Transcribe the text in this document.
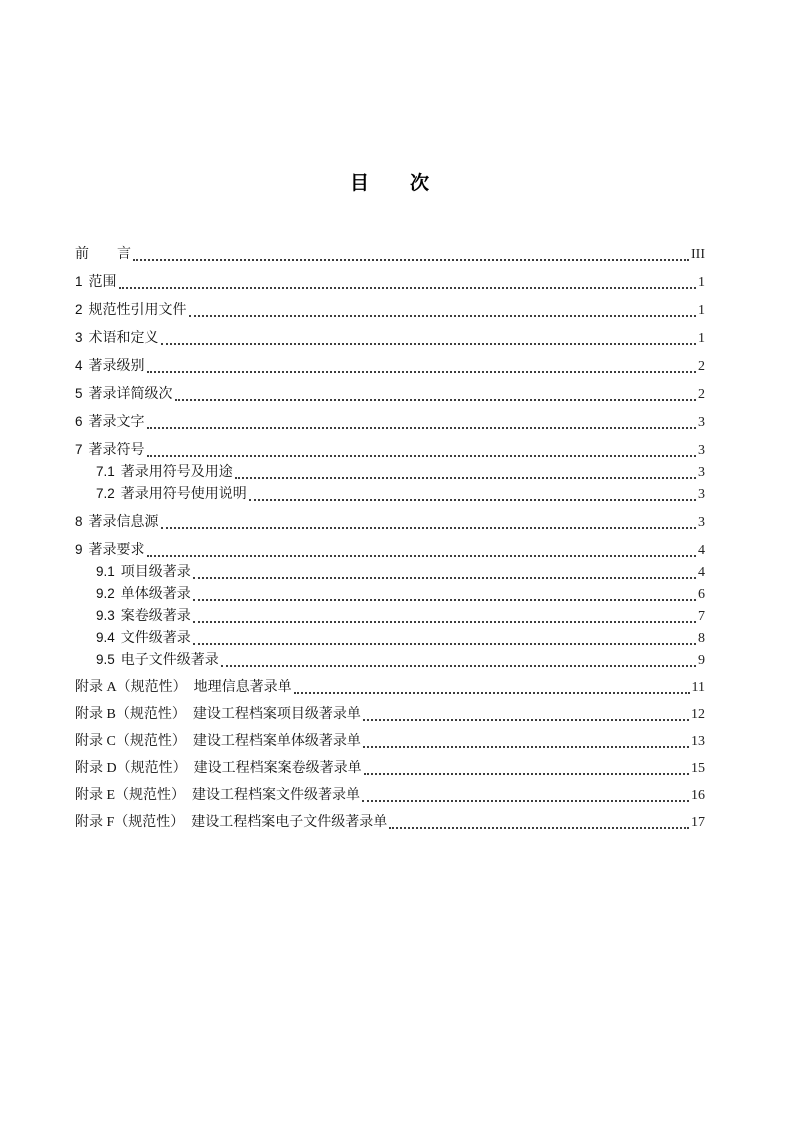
目　　次
前　　言	III
1 范围	1
2 规范性引用文件	1
3 术语和定义	1
4 著录级别	2
5 著录详简级次	2
6 著录文字	3
7 著录符号	3
7.1 著录用符号及用途	3
7.2 著录用符号使用说明	3
8 著录信息源	3
9 著录要求	4
9.1 项目级著录	4
9.2 单体级著录	6
9.3 案卷级著录	7
9.4 文件级著录	8
9.5 电子文件级著录	9
附录 A（规范性）　地理信息著录单	11
附录 B（规范性）　建设工程档案项目级著录单	12
附录 C（规范性）　建设工程档案单体级著录单	13
附录 D（规范性）　建设工程档案案卷级著录单	15
附录 E（规范性）　建设工程档案文件级著录单	16
附录 F（规范性）　建设工程档案电子文件级著录单	17
